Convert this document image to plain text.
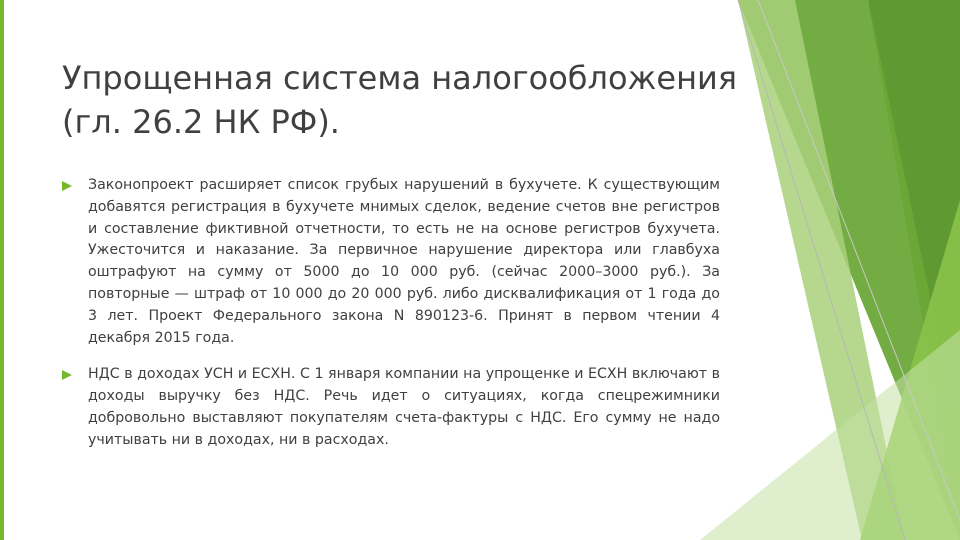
Упрощенная система налогообложения
(гл. 26.2 НК РФ).
Законопроект расширяет список грубых нарушений в бухучете. К существующим добавятся регистрация в бухучете мнимых сделок, ведение счетов вне регистров и составление фиктивной отчетности, то есть не на основе регистров бухучета. Ужесточится и наказание. За первичное нарушение директора или главбуха оштрафуют на сумму от 5000 до 10 000 руб. (сейчас 2000–3000 руб.). За повторные — штраф от 10 000 до 20 000 руб. либо дисквалификация от 1 года до 3 лет. Проект Федерального закона N 890123-6. Принят в первом чтении 4 декабря 2015 года.
НДС в доходах УСН и ЕСХН. С 1 января компании на упрощенке и ЕСХН включают в доходы выручку без НДС. Речь идет о ситуациях, когда спецрежимники добровольно выставляют покупателям счета-фактуры с НДС. Его сумму не надо учитывать ни в доходах, ни в расходах.
